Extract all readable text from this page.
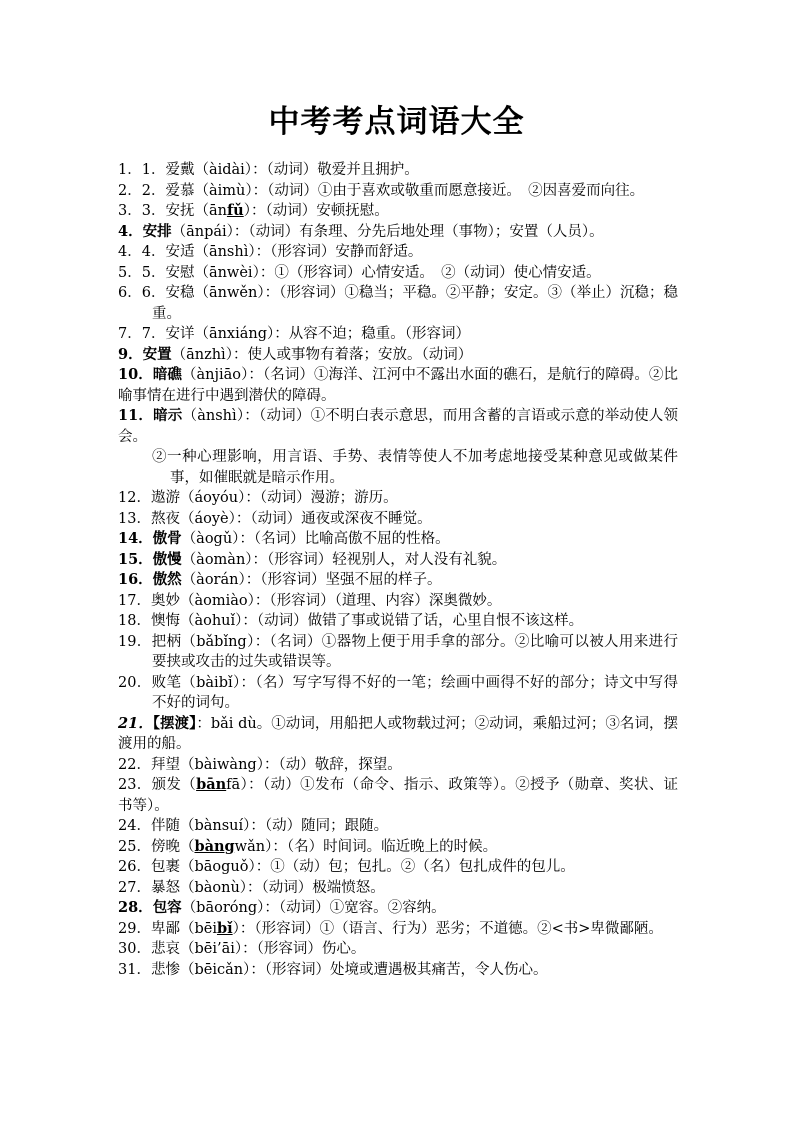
中考考点词语大全
1．1．爱戴（àidài）：（动词）敬爱并且拥护。
2．2．爱慕（àimù）：（动词）①由于喜欢或敬重而愿意接近。　②因喜爱而向往。
3．3．安抚（ānfǔ）：（动词）安顿抚慰。
4．安排（ānpái）：（动词）有条理、分先后地处理（事物）；安置（人员）。
4．4．安适（ānshì）：（形容词）安静而舒适。
5．5．安慰（ānwèi）：①（形容词）心情安适。　②（动词）使心情安适。
6．6．安稳（ānwěn）：（形容词）①稳当；平稳。②平静；安定。③（举止）沉稳；稳重。
7．7．安详（ānxiáng）：从容不迫；稳重。（形容词）
9．安置（ānzhì）：使人或事物有着落；安放。（动词）
10．暗礁（ànjiāo）：（名词）①海洋、江河中不露出水面的礁石，是航行的障碍。②比喻事情在进行中遇到潜伏的障碍。
11．暗示（ànshì）：（动词）①不明白表示意思，而用含蓄的言语或示意的举动使人领会。
②一种心理影响，用言语、手势、表情等使人不加考虑地接受某种意见或做某件事，如催眠就是暗示作用。
12．遨游（áoyóu）：（动词）漫游；游历。
13．熬夜（áoyè）：（动词）通夜或深夜不睡觉。
14．傲骨（àogǔ）：（名词）比喻高傲不屈的性格。
15．傲慢（àomàn）：（形容词）轻视别人，对人没有礼貌。
16．傲然（àorán）：（形容词）坚强不屈的样子。
17．奥妙（àomiào）：（形容词）（道理、内容）深奥微妙。
18．懊悔（àohuǐ）：（动词）做错了事或说错了话，心里自恨不该这样。
19．把柄（bǎbǐng）：（名词）①器物上便于用手拿的部分。②比喻可以被人用来进行要挟或攻击的过失或错误等。
20．败笔（bàibǐ）：（名）写字写得不好的一笔；绘画中画得不好的部分；诗文中写得不好的词句。
21．【摆渡】：bǎi dù。①动词，用船把人或物载过河；②动词，乘船过河；③名词，摆渡用的船。
22．拜望（bàiwàng）：（动）敬辞，探望。
23．颁发（bānfā）：（动）①发布（命令、指示、政策等）。②授予（勋章、奖状、证书等）。
24．伴随（bànsuí）：（动）随同；跟随。
25．傍晚（bàngwǎn）：（名）时间词。临近晚上的时候。
26．包裹（bāoguǒ）：①（动）包；包扎。②（名）包扎成件的包儿。
27．暴怒（bàonù）：（动词）极端愤怒。
28．包容（bāoróng）：（动词）①宽容。②容纳。
29．卑鄙（bēibǐ）：（形容词）①（语言、行为）恶劣；不道德。②<书>卑微鄙陋。
30．悲哀（bēi’āi）：（形容词）伤心。
31．悲惨（bēicǎn）：（形容词）处境或遭遇极其痛苦，令人伤心。
